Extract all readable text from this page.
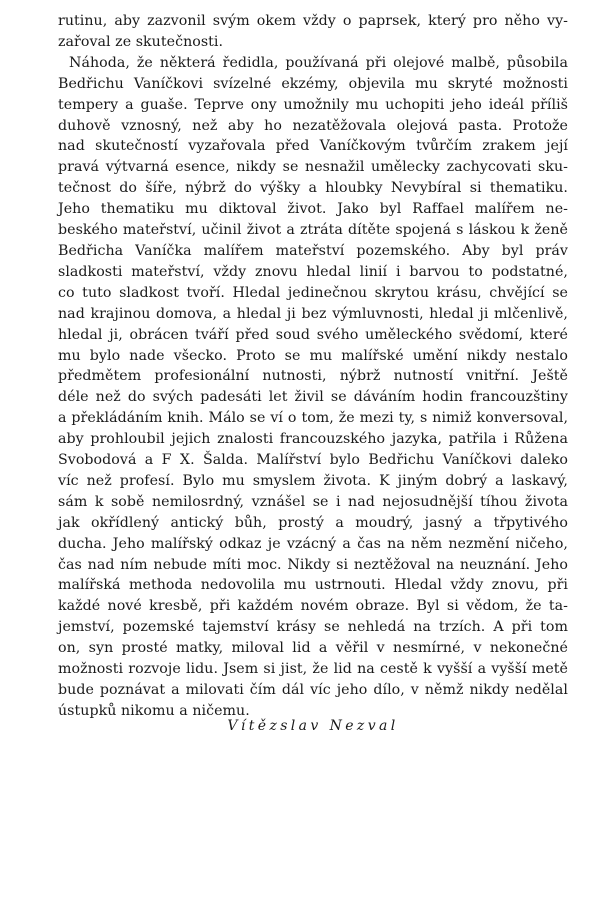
rutinu, aby zazvonil svým okem vždy o paprsek, který pro něho vy-
zařoval ze skutečnosti.
Náhoda, že některá ředidla, používaná při olejové malbě, působila
Bedřichu Vaníčkovi svízelné ekzémy, objevila mu skryté možnosti
tempery a guaše. Teprve ony umožnily mu uchopiti jeho ideál příliš
duhově vznosný, než aby ho nezatěžovala olejová pasta. Protože
nad skutečností vyzařovala před Vaníčkovým tvůrčím zrakem její
pravá výtvarná esence, nikdy se nesnažil umělecky zachycovati sku-
tečnost do šíře, nýbrž do výšky a hloubky Nevybíral si thematiku.
Jeho thematiku mu diktoval život. Jako byl Raffael malířem ne-
beského mateřství, učinil život a ztráta dítěte spojená s láskou k ženě
Bedřicha Vaníčka malířem mateřství pozemského. Aby byl práv
sladkosti mateřství, vždy znovu hledal linií i barvou to podstatné,
co tuto sladkost tvoří. Hledal jedinečnou skrytou krásu, chvějící se
nad krajinou domova, a hledal ji bez výmluvnosti, hledal ji mlčenlivě,
hledal ji, obrácen tváří před soud svého uměleckého svědomí, které
mu bylo nade všecko. Proto se mu malířské umění nikdy nestalo
předmětem profesionální nutnosti, nýbrž nutností vnitřní. Ještě
déle než do svých padesáti let živil se dáváním hodin francouzštiny
a překládáním knih. Málo se ví o tom, že mezi ty, s nimiž konversoval,
aby prohloubil jejich znalosti francouzského jazyka, patřila i Růžena
Svobodová a F X. Šalda. Malířství bylo Bedřichu Vaníčkovi daleko
víc než profesí. Bylo mu smyslem života. K jiným dobrý a laskavý,
sám k sobě nemilosrdný, vznášel se i nad nejosudnější tíhou života
jak okřídlený antický bůh, prostý a moudrý, jasný a třpytivého
ducha. Jeho malířský odkaz je vzácný a čas na něm nezmění ničeho,
čas nad ním nebude míti moc. Nikdy si neztěžoval na neuznání. Jeho
malířská methoda nedovolila mu ustrnouti. Hledal vždy znovu, při
každé nové kresbě, při každém novém obraze. Byl si vědom, že ta-
jemství, pozemské tajemství krásy se nehledá na trzích. A při tom
on, syn prosté matky, miloval lid a věřil v nesmírné, v nekonečné
možnosti rozvoje lidu. Jsem si jist, že lid na cestě k vyšší a vyšší metě
bude poznávat a milovati čím dál víc jeho dílo, v němž nikdy nedělal
ústupků nikomu a ničemu.
Vítězslav Nezval
